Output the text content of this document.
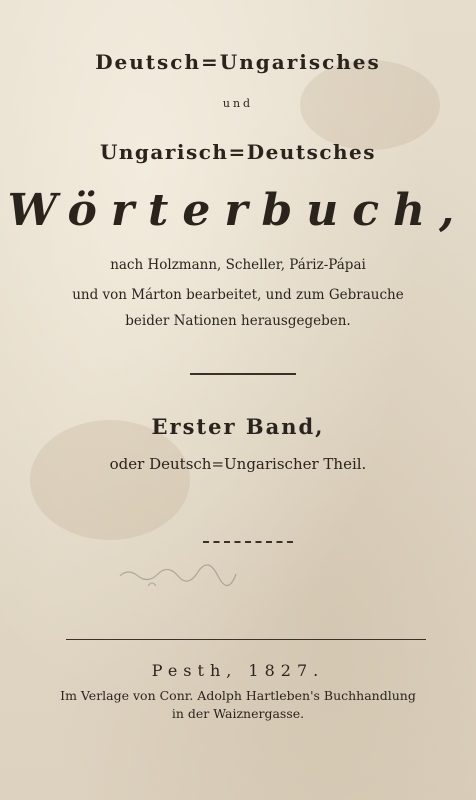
Deutsch=Ungarisches
und
Ungarisch=Deutsches
Wörterbuch,
nach Holzmann, Scheller, Páriz-Pápai
und von Márton bearbeitet, und zum Gebrauche
beider Nationen herausgegeben.
Erster Band,
oder Deutsch=Ungarischer Theil.
Pesth, 1827.
Im Verlage von Conr. Adolph Hartleben's Buchhandlung
in der Waiznergasse.
